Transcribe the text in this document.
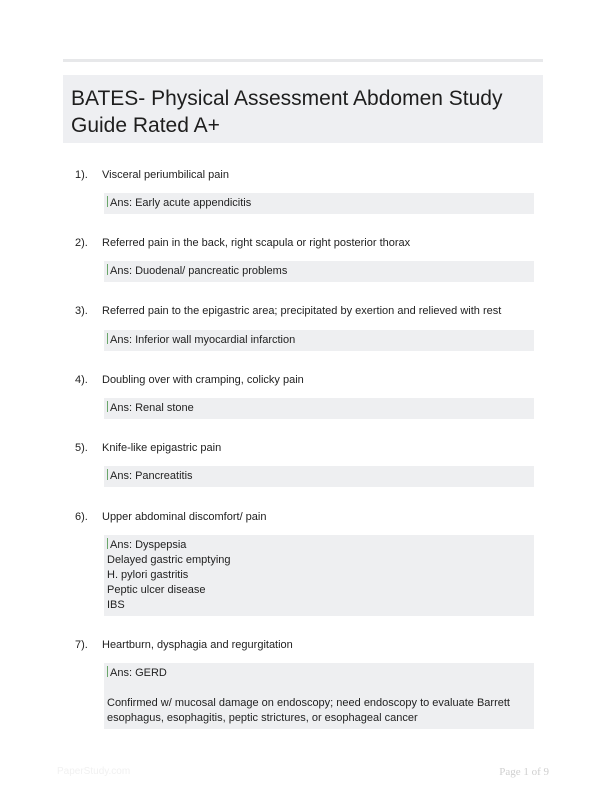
BATES- Physical Assessment Abdomen Study Guide Rated A+
1). Visceral periumbilical pain
Ans: Early acute appendicitis
2). Referred pain in the back, right scapula or right posterior thorax
Ans: Duodenal/ pancreatic problems
3). Referred pain to the epigastric area; precipitated by exertion and relieved with rest
Ans: Inferior wall myocardial infarction
4). Doubling over with cramping, colicky pain
Ans: Renal stone
5). Knife-like epigastric pain
Ans: Pancreatitis
6). Upper abdominal discomfort/ pain
Ans: Dyspepsia
Delayed gastric emptying
H. pylori gastritis
Peptic ulcer disease
IBS
7). Heartburn, dysphagia and regurgitation
Ans: GERD
Confirmed w/ mucosal damage on endoscopy; need endoscopy to evaluate Barrett
esophagus, esophagitis, peptic strictures, or esophageal cancer
PaperStudy.com	Page 1 of 9
